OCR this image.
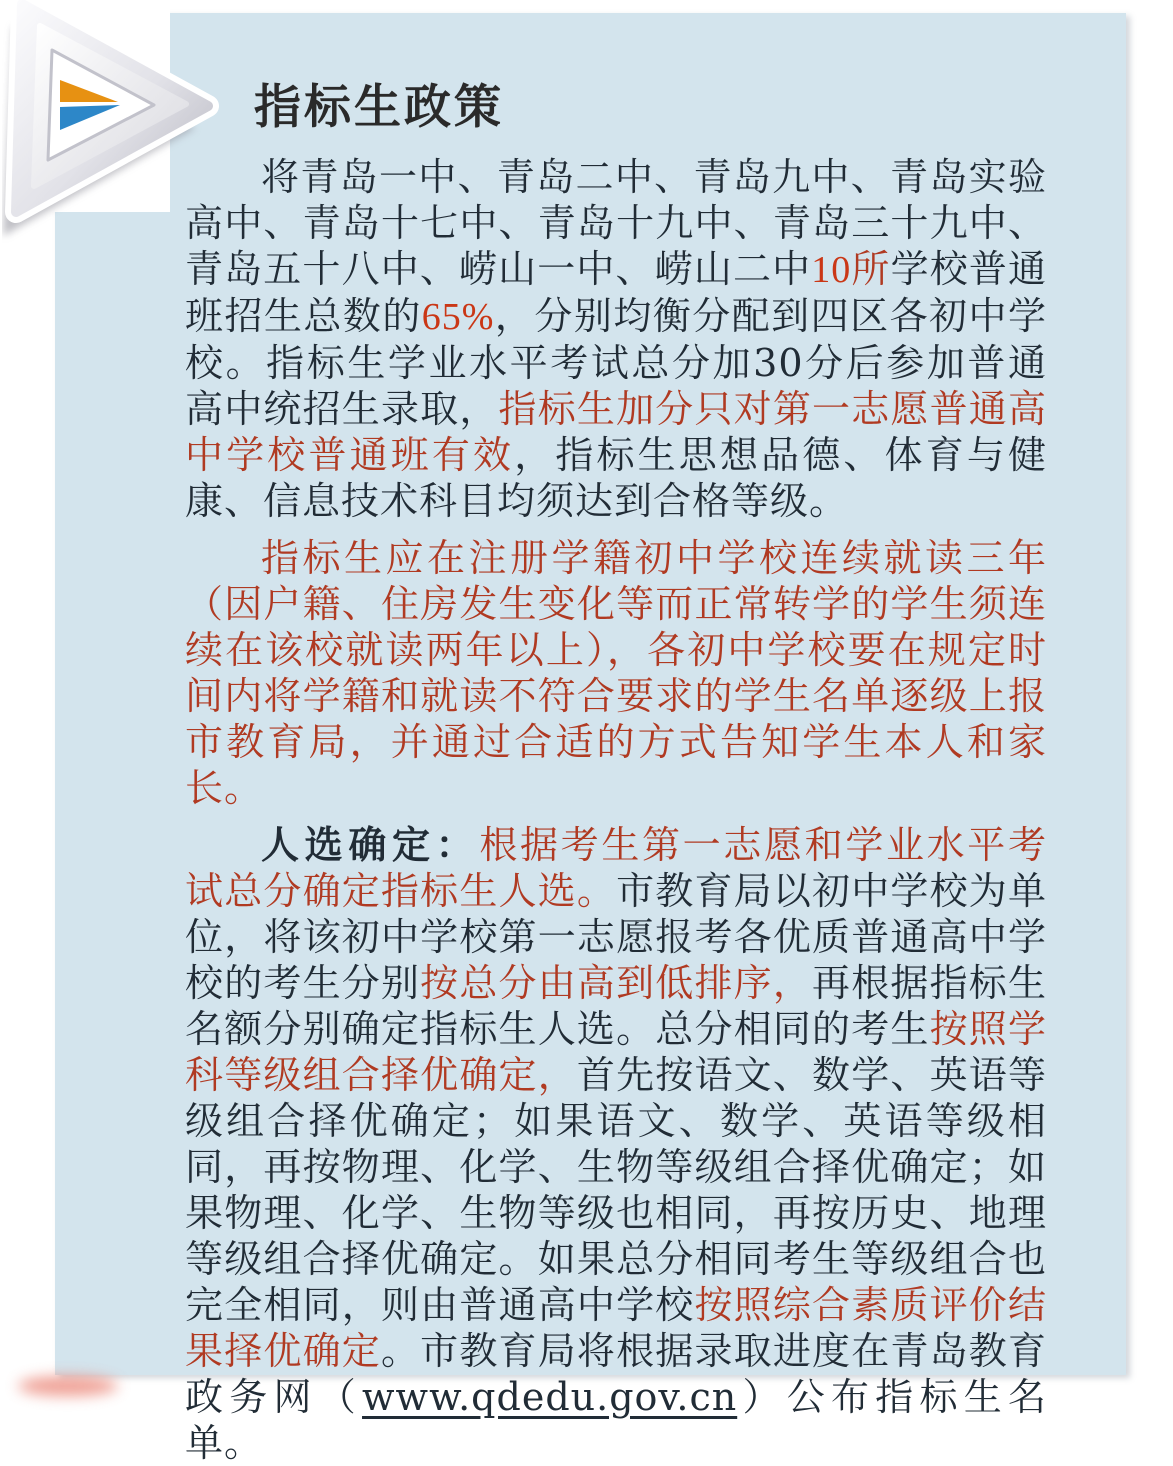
指标生政策

将青岛一中、青岛二中、青岛九中、青岛实验高中、青岛十七中、青岛十九中、青岛三十九中、青岛五十八中、崂山一中、崂山二中10所学校普通班招生总数的65%，分别均衡分配到四区各初中学校。指标生学业水平考试总分加30分后参加普通高中统招生录取，指标生加分只对第一志愿普通高中学校普通班有效，指标生思想品德、体育与健康、信息技术科目均须达到合格等级。

指标生应在注册学籍初中学校连续就读三年（因户籍、住房发生变化等而正常转学的学生须连续在该校就读两年以上），各初中学校要在规定时间内将学籍和就读不符合要求的学生名单逐级上报市教育局，并通过合适的方式告知学生本人和家长。

人选确定：根据考生第一志愿和学业水平考试总分确定指标生人选。市教育局以初中学校为单位，将该初中学校第一志愿报考各优质普通高中学校的考生分别按总分由高到低排序，再根据指标生名额分别确定指标生人选。总分相同的考生按照学科等级组合择优确定，首先按语文、数学、英语等级组合择优确定；如果语文、数学、英语等级相同，再按物理、化学、生物等级组合择优确定；如果物理、化学、生物等级也相同，再按历史、地理等级组合择优确定。如果总分相同考生等级组合也完全相同，则由普通高中学校按照综合素质评价结果择优确定。市教育局将根据录取进度在青岛教育政务网（www.qdedu.gov.cn）公布指标生名单。
